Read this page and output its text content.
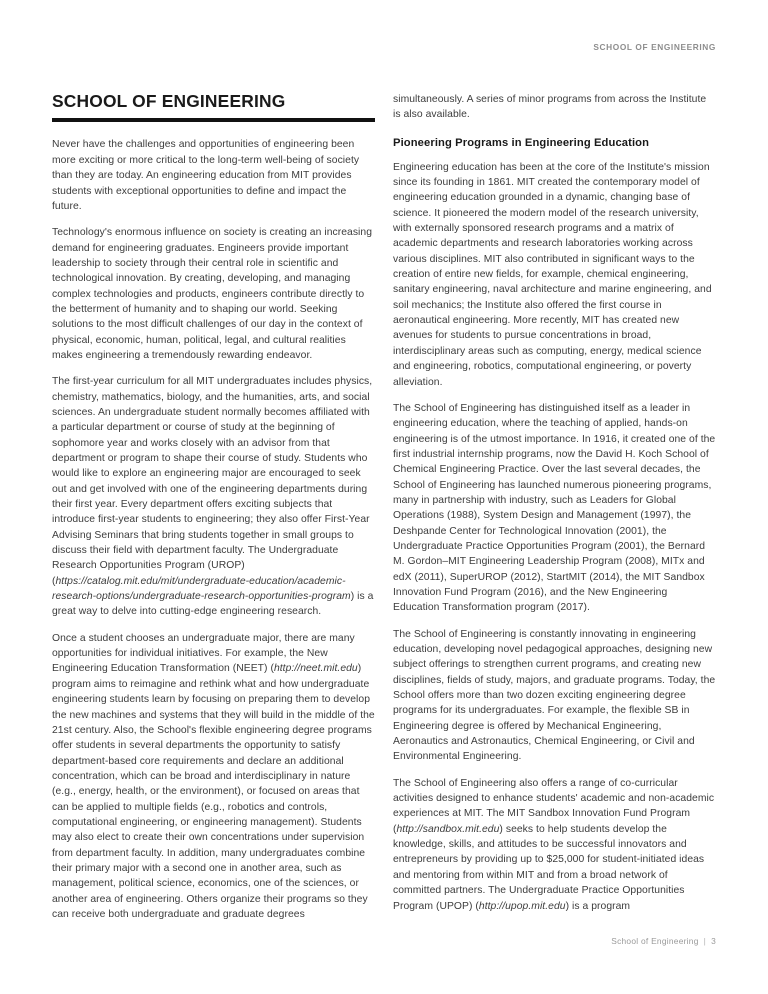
SCHOOL OF ENGINEERING
SCHOOL OF ENGINEERING

Never have the challenges and opportunities of engineering been more exciting or more critical to the long-term well-being of society than they are today. An engineering education from MIT provides students with exceptional opportunities to define and impact the future.

Technology's enormous influence on society is creating an increasing demand for engineering graduates. Engineers provide important leadership to society through their central role in scientific and technological innovation. By creating, developing, and managing complex technologies and products, engineers contribute directly to the betterment of humanity and to shaping our world. Seeking solutions to the most difficult challenges of our day in the context of physical, economic, human, political, legal, and cultural realities makes engineering a tremendously rewarding endeavor.

The first-year curriculum for all MIT undergraduates includes physics, chemistry, mathematics, biology, and the humanities, arts, and social sciences. An undergraduate student normally becomes affiliated with a particular department or course of study at the beginning of sophomore year and works closely with an advisor from that department or program to shape their course of study. Students who would like to explore an engineering major are encouraged to seek out and get involved with one of the engineering departments during their first year. Every department offers exciting subjects that introduce first-year students to engineering; they also offer First-Year Advising Seminars that bring students together in small groups to discuss their field with department faculty. The Undergraduate Research Opportunities Program (UROP) (https://catalog.mit.edu/mit/undergraduate-education/academic-research-options/undergraduate-research-opportunities-program) is a great way to delve into cutting-edge engineering research.

Once a student chooses an undergraduate major, there are many opportunities for individual initiatives. For example, the New Engineering Education Transformation (NEET) (http://neet.mit.edu) program aims to reimagine and rethink what and how undergraduate engineering students learn by focusing on preparing them to develop the new machines and systems that they will build in the middle of the 21st century. Also, the School's flexible engineering degree programs offer students in several departments the opportunity to satisfy department-based core requirements and declare an additional concentration, which can be broad and interdisciplinary in nature (e.g., energy, health, or the environment), or focused on areas that can be applied to multiple fields (e.g., robotics and controls, computational engineering, or engineering management). Students may also elect to create their own concentrations under supervision from department faculty. In addition, many undergraduates combine their primary major with a second one in another area, such as management, political science, economics, one of the sciences, or another area of engineering. Others organize their programs so they can receive both undergraduate and graduate degrees

simultaneously. A series of minor programs from across the Institute is also available.

Pioneering Programs in Engineering Education

Engineering education has been at the core of the Institute's mission since its founding in 1861. MIT created the contemporary model of engineering education grounded in a dynamic, changing base of science. It pioneered the modern model of the research university, with externally sponsored research programs and a matrix of academic departments and research laboratories working across various disciplines. MIT also contributed in significant ways to the creation of entire new fields, for example, chemical engineering, sanitary engineering, naval architecture and marine engineering, and soil mechanics; the Institute also offered the first course in aeronautical engineering. More recently, MIT has created new avenues for students to pursue concentrations in broad, interdisciplinary areas such as computing, energy, medical science and engineering, robotics, computational engineering, or poverty alleviation.

The School of Engineering has distinguished itself as a leader in engineering education, where the teaching of applied, hands-on engineering is of the utmost importance. In 1916, it created one of the first industrial internship programs, now the David H. Koch School of Chemical Engineering Practice. Over the last several decades, the School of Engineering has launched numerous pioneering programs, many in partnership with industry, such as Leaders for Global Operations (1988), System Design and Management (1997), the Deshpande Center for Technological Innovation (2001), the Undergraduate Practice Opportunities Program (2001), the Bernard M. Gordon–MIT Engineering Leadership Program (2008), MITx and edX (2011), SuperUROP (2012), StartMIT (2014), the MIT Sandbox Innovation Fund Program (2016), and the New Engineering Education Transformation program (2017).

The School of Engineering is constantly innovating in engineering education, developing novel pedagogical approaches, designing new subject offerings to strengthen current programs, and creating new disciplines, fields of study, majors, and graduate programs. Today, the School offers more than two dozen exciting engineering degree programs for its undergraduates. For example, the flexible SB in Engineering degree is offered by Mechanical Engineering, Aeronautics and Astronautics, Chemical Engineering, or Civil and Environmental Engineering.

The School of Engineering also offers a range of co-curricular activities designed to enhance students' academic and non-academic experiences at MIT. The MIT Sandbox Innovation Fund Program (http://sandbox.mit.edu) seeks to help students develop the knowledge, skills, and attitudes to be successful innovators and entrepreneurs by providing up to $25,000 for student-initiated ideas and mentoring from within MIT and from a broad network of committed partners. The Undergraduate Practice Opportunities Program (UPOP) (http://upop.mit.edu) is a program

School of Engineering | 3
